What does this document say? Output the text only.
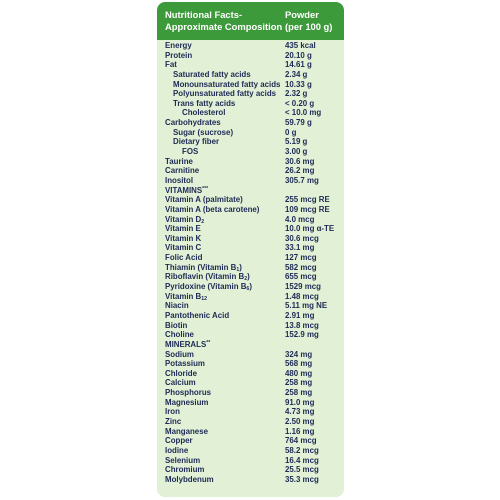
Nutritional Facts-
Approximate Composition
Powder
(per 100 g)
Energy	435 kcal
Protein	20.10 g
Fat	14.61 g
Saturated fatty acids	2.34 g
Monounsaturated fatty acids 10.33 g
Polyunsaturated fatty acids 2.32 g
Trans fatty acids	< 0.20 g
Cholesterol	< 10.0 mg
Carbohydrates	59.79 g
Sugar (sucrose)	0 g
Dietary fiber	5.19 g
FOS	3.00 g
Taurine	30.6 mg
Carnitine	26.2 mg
Inositol	305.7 mg
VITAMINS***
Vitamin A (palmitate)	255 mcg RE
Vitamin A (beta carotene)	109 mcg RE
Vitamin $D_2$	4.0 mcg
Vitamin E	10.0 mg α-TE
Vitamin K	30.6 mcg
Vitamin C	33.1 mg
Folic Acid	127 mcg
Thiamin (Vitamin $B_1$)	582 mcg
Riboflavin (Vitamin $B_2$)	655 mcg
Pyridoxine (Vitamin $B_6$)	1529 mcg
Vitamin $B_{12}$	1.48 mcg
Niacin	5.11 mg NE
Pantothenic Acid	2.91 mg
Biotin	13.8 mcg
Choline	152.9 mg
MINERALS**
Sodium	324 mg
Potassium	568 mg
Chloride	480 mg
Calcium	258 mg
Phosphorus	258 mg
Magnesium	91.0 mg
Iron	4.73 mg
Zinc	2.50 mg
Manganese	1.16 mg
Copper	764 mcg
Iodine	58.2 mcg
Selenium	16.4 mcg
Chromium	25.5 mcg
Molybdenum	35.3 mcg
